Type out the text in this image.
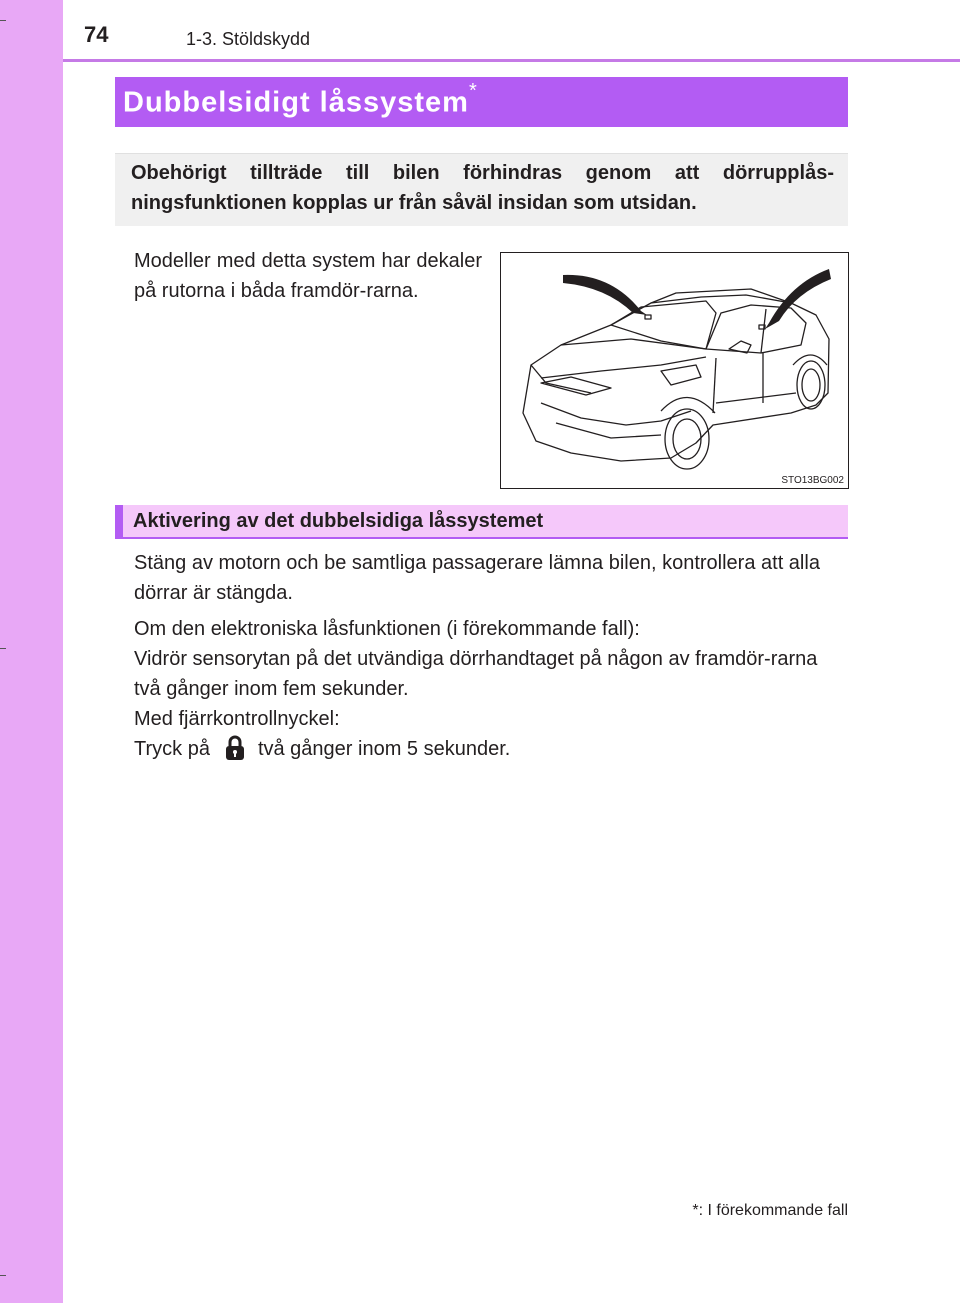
74	1-3. Stöldskydd
Dubbelsidigt låssystem*
Obehörigt tillträde till bilen förhindras genom att dörrupplås-ningsfunktionen kopplas ur från såväl insidan som utsidan.
Modeller med detta system har dekaler på rutorna i båda framdör-rarna.
STO13BG002
Aktivering av det dubbelsidiga låssystemet
Stäng av motorn och be samtliga passagerare lämna bilen, kontrollera att alla dörrar är stängda.
Om den elektroniska låsfunktionen (i förekommande fall):
Vidrör sensorytan på det utvändiga dörrhandtaget på någon av framdör-rarna två gånger inom fem sekunder.
Med fjärrkontrollnyckel:
Tryck på två gånger inom 5 sekunder.
*: I förekommande fall
